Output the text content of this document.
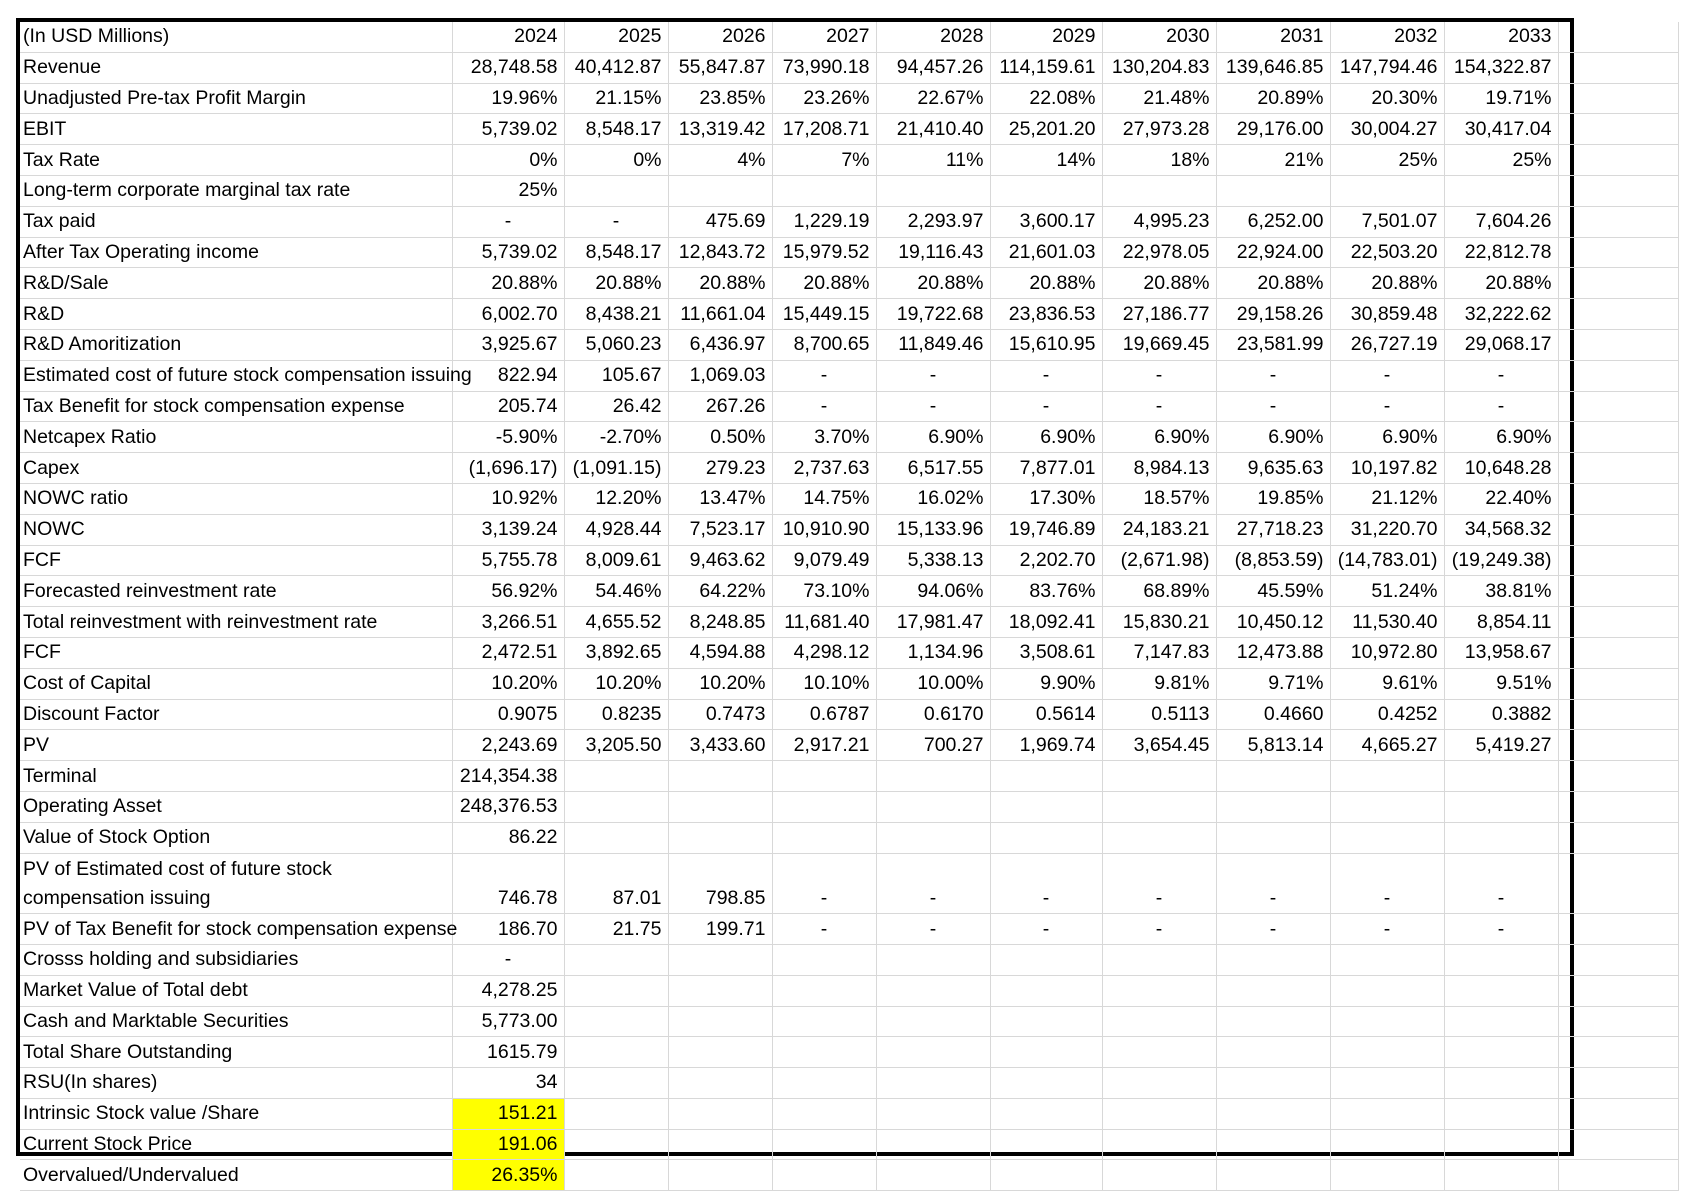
(In USD Millions)	2024	2025	2026	2027	2028	2029	2030	2031	2032	2033	
Revenue	28,748.58	40,412.87	55,847.87	73,990.18	94,457.26	114,159.61	130,204.83	139,646.85	147,794.46	154,322.87	
Unadjusted Pre-tax Profit Margin	19.96%	21.15%	23.85%	23.26%	22.67%	22.08%	21.48%	20.89%	20.30%	19.71%	
EBIT	5,739.02	8,548.17	13,319.42	17,208.71	21,410.40	25,201.20	27,973.28	29,176.00	30,004.27	30,417.04	
Tax Rate	0%	0%	4%	7%	11%	14%	18%	21%	25%	25%	
Long-term corporate marginal tax rate	25%										
Tax paid	-	-	475.69	1,229.19	2,293.97	3,600.17	4,995.23	6,252.00	7,501.07	7,604.26	
After Tax Operating income	5,739.02	8,548.17	12,843.72	15,979.52	19,116.43	21,601.03	22,978.05	22,924.00	22,503.20	22,812.78	
R&D/Sale	20.88%	20.88%	20.88%	20.88%	20.88%	20.88%	20.88%	20.88%	20.88%	20.88%	
R&D	6,002.70	8,438.21	11,661.04	15,449.15	19,722.68	23,836.53	27,186.77	29,158.26	30,859.48	32,222.62	
R&D Amoritization	3,925.67	5,060.23	6,436.97	8,700.65	11,849.46	15,610.95	19,669.45	23,581.99	26,727.19	29,068.17	
Estimated cost of future stock compensation issuing	822.94	105.67	1,069.03	-	-	-	-	-	-	-	
Tax Benefit for stock compensation expense	205.74	26.42	267.26	-	-	-	-	-	-	-	
Netcapex Ratio	-5.90%	-2.70%	0.50%	3.70%	6.90%	6.90%	6.90%	6.90%	6.90%	6.90%	
Capex	(1,696.17)	(1,091.15)	279.23	2,737.63	6,517.55	7,877.01	8,984.13	9,635.63	10,197.82	10,648.28	
NOWC ratio	10.92%	12.20%	13.47%	14.75%	16.02%	17.30%	18.57%	19.85%	21.12%	22.40%	
NOWC	3,139.24	4,928.44	7,523.17	10,910.90	15,133.96	19,746.89	24,183.21	27,718.23	31,220.70	34,568.32	
FCF	5,755.78	8,009.61	9,463.62	9,079.49	5,338.13	2,202.70	(2,671.98)	(8,853.59)	(14,783.01)	(19,249.38)	
Forecasted reinvestment rate	56.92%	54.46%	64.22%	73.10%	94.06%	83.76%	68.89%	45.59%	51.24%	38.81%	
Total reinvestment with reinvestment rate	3,266.51	4,655.52	8,248.85	11,681.40	17,981.47	18,092.41	15,830.21	10,450.12	11,530.40	8,854.11	
FCF	2,472.51	3,892.65	4,594.88	4,298.12	1,134.96	3,508.61	7,147.83	12,473.88	10,972.80	13,958.67	
Cost of Capital	10.20%	10.20%	10.20%	10.10%	10.00%	9.90%	9.81%	9.71%	9.61%	9.51%	
Discount Factor	0.9075	0.8235	0.7473	0.6787	0.6170	0.5614	0.5113	0.4660	0.4252	0.3882	
PV	2,243.69	3,205.50	3,433.60	2,917.21	700.27	1,969.74	3,654.45	5,813.14	4,665.27	5,419.27	
Terminal	214,354.38										
Operating Asset	248,376.53										
Value of Stock Option	86.22										
PV of Estimated cost of future stock compensation issuing	746.78	87.01	798.85	-	-	-	-	-	-	-	
PV of Tax Benefit for stock compensation expense	186.70	21.75	199.71	-	-	-	-	-	-	-	
Crosss holding and subsidiaries	-										
Market Value of Total debt	4,278.25										
Cash and Marktable Securities	5,773.00										
Total Share Outstanding	1615.79										
RSU(In shares)	34										
Intrinsic Stock value /Share	151.21										
Current Stock Price	191.06										
Overvalued/Undervalued	26.35%										
